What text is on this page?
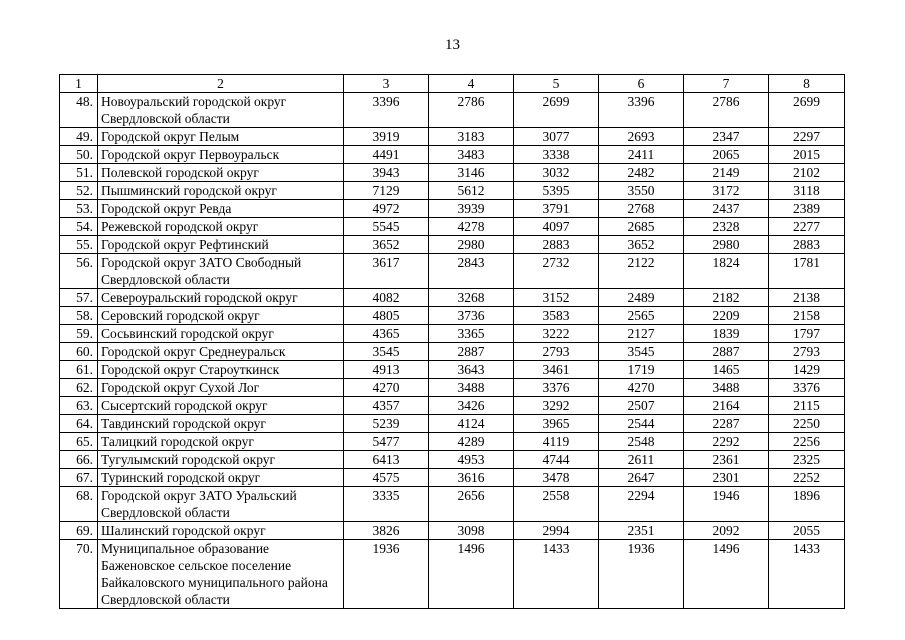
13
1	2	3	4	5	6	7	8
48.	Новоуральский городской округ Свердловской области	3396	2786	2699	3396	2786	2699
49.	Городской округ Пелым	3919	3183	3077	2693	2347	2297
50.	Городской округ Первоуральск	4491	3483	3338	2411	2065	2015
51.	Полевской городской округ	3943	3146	3032	2482	2149	2102
52.	Пышминский городской округ	7129	5612	5395	3550	3172	3118
53.	Городской округ Ревда	4972	3939	3791	2768	2437	2389
54.	Режевской городской округ	5545	4278	4097	2685	2328	2277
55.	Городской округ Рефтинский	3652	2980	2883	3652	2980	2883
56.	Городской округ ЗАТО Свободный Свердловской области	3617	2843	2732	2122	1824	1781
57.	Североуральский городской округ	4082	3268	3152	2489	2182	2138
58.	Серовский городской округ	4805	3736	3583	2565	2209	2158
59.	Сосьвинский городской округ	4365	3365	3222	2127	1839	1797
60.	Городской округ Среднеуральск	3545	2887	2793	3545	2887	2793
61.	Городской округ Староуткинск	4913	3643	3461	1719	1465	1429
62.	Городской округ Сухой Лог	4270	3488	3376	4270	3488	3376
63.	Сысертский городской округ	4357	3426	3292	2507	2164	2115
64.	Тавдинский городской округ	5239	4124	3965	2544	2287	2250
65.	Талицкий городской округ	5477	4289	4119	2548	2292	2256
66.	Тугулымский городской округ	6413	4953	4744	2611	2361	2325
67.	Туринский городской округ	4575	3616	3478	2647	2301	2252
68.	Городской округ ЗАТО Уральский Свердловской области	3335	2656	2558	2294	1946	1896
69.	Шалинский городской округ	3826	3098	2994	2351	2092	2055
70.	Муниципальное образование Баженовское сельское поселение Байкаловского муниципального района Свердловской области	1936	1496	1433	1936	1496	1433
